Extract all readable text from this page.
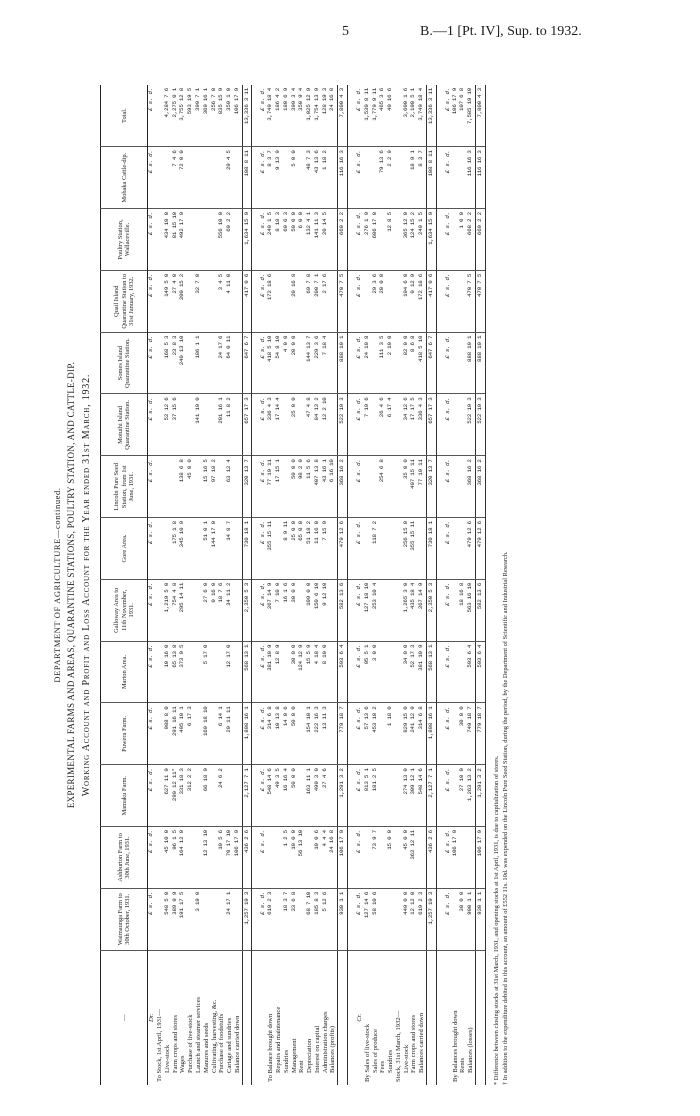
5	B.—1 [Pt. IV], Sup. to 1932.
DEPARTMENT OF AGRICULTURE—continued. EXPERIMENTAL FARMS AND AREAS, QUARANTINE STATIONS, POULTRY STATION, AND CATTLE-DIP. Working Account and Profit and Loss Account for the Year ended 31st March, 1932.
—	Waimaunga Farm to 30th October, 1931.	Ashburton Farm to 30th June, 1931.	Mamaku Farm.	Puwera Farm.	Marton Area.	Galloway Area to 11th November, 1931.	Gore Area.	Lincoln Pure Seed Station, from 1st June, 1931.	Motuihi Island Quarantine Station.	Somes Island Quarantine Station.	Quail Island Quarantine Station to 31st January, 1932.	Poultry Station, Wallaceville.	Mohaka Cattle-dip.	Total.
Dr.	£ s. d.	£ s. d.	£ s. d.	£ s. d.	£ s. d.	£ s. d.	£ s. d.	£ s. d.	£ s. d.	£ s. d.	£ s. d.	£ s. d.	£ s. d.	£ s. d.
To Stock, 1st April, 1931—														
Live-stock	548 5 0	45 10 0	627 11 9	988 8 0	10 16 0	1,219 5 0			52 12 6	168 5 3	149 5 0	434 10 0		4,284 7 6
Farm crops and stores	389 9 9	96 1 5	299 12 11*	291 16 11	65 13 8	754 4 8	175 1 8		37 15 6	23 8 3	27 4 0	81 15 10	7 4 6	2,275 0 1
Wages	191 17 5	164 12 0	331 18 3	495 10 1	373 9 5	295 14 11	345 10 9	138 6 8		240 13 10	200 15 2	492 17 9	72 0 0	3,755 12 8
Purchase of live-stock			312 2 2	6 17 3				45 0 0						593 19 5
Launch and steamer services	3 19 0								141 19 0	186 1 1	32 7 0			399 7 1
Manures and seeds		12 13 10	66 18 9	169 18 10	5 17 0	27 6 0	51 0 1	15 16 5						369 16 1
Cultivating, harvesting, &c.						0 16 0	144 17 0	97 18 2						256 7 0
Purchase of foodstuffs		10 5 6	24 6 2	6 14 1		18 7 6			201 16 1	24 17 6	3 4 5	556 10 0		835 15 9
Cartage and sundries	24 17 1	70 17 10		29 11 11	12 17 0	34 11 2	14 8 7	63 12 4	11 8 2	64 0 11	4 11 0	69 2 2	29 4 5	359 1 0
Balance carried down		106 17 9												106 17 9
	1,257 19 3	436 2 6	2,127 7 1	1,898 16 1	568 13 1	2,350 5 3	730 18 1	320 13 7	657 17 3	647 6 7	417 0 6	1,634 15 9	108 8 11	13,336 3 11

	£ s. d.	£ s. d.	£ s. d.	£ s. d.	£ s. d.	£ s. d.	£ s. d.	£ s. d.	£ s. d.	£ s. d.	£ s. d.	£ s. d.	£ s. d.	£ s. d.
To Balance brought down	619 2 3		548 14 6	314 6 8	381 10 9	267 14 9	355 15 11	77 19 11	336 4 3	418 5 10	172 18 6	249 1 5	8 3 7	3,749 18 4
Repairs and maintenance			49 3 5	10 13 8	12 8 9	7 10 0		17 15 1	17 14 4	54 8 10		8 18 3	9 13 9	186 4 2
Sundries	18 3 7	1 2 5	16 16 4	14 0 6		16 1 6	8 9 11			4 0 0		69 6 3		180 6 9
Management	33 6 8	10 0 0	50 0 0	50 0 0	30 0 0	30 0 0	25 0 0	50 0 0	25 0 0	20 0 0	20 16 8	50 0 0	5 0 0	399 3 4
Rent		56 13 10			124 12 9		65 0 0	98 2 9				6 0 0		350 9 4
Depreciation	68 7 10		163 11 1	154 10 1	15 5 9	109 0 0	51 18 2	11 5 6	47 4 8	144 13 7	69 7 8	132 4 1	48 7 3	1,025 12 9
Interest on capital	185 8 3	10 0 6	499 3 0	222 16 3	4 18 4	150 6 10	11 16 0	407 13 8	84 13 2	229 3 6	200 7 1	141 11 3	43 13 6	1,754 13 9
Administration charges	5 12 6	4 4 4	27 4 6	13 11 3	8 10 0	9 12 10	7 15 9	43 16 1	12 2 10	7 18 4	2 17 6	20 14 5	1 18 2	128 19 3
Balances (profits)		24 16 8						6 16 10						24 16 8
	930 1 1	106 17 9	1,291 3 2	779 18 7	593 6 4	582 13 6	479 12 6	368 16 2	522 19 3	888 10 1	470 7 5	669 2 2	116 16 3	7,800 4 3

Cr.	£ s. d.	£ s. d.	£ s. d.	£ s. d.	£ s. d.	£ s. d.	£ s. d.	£ s. d.	£ s. d.	£ s. d.	£ s. d.	£ s. d.	£ s. d.	£ s. d.
By Sales of live-stock	127 14 6		813 5 1	57 13 6	95 5 1	127 18 10			7 19 6	24 10 8		276 1 9		1,530 8 11
Sales of produce	58 10 6	73 9 7	181 2 5	453 10 2	3 0 0	253 10 4	118 7 2				29 3 6	606 17 0		1,779 9 11
Fees								254 6 8	26 4 6	111 3 5	20 0 0		79 13 6	465 3 6
Sundries		15 0 0		1 18 0					6 17 4	2 10 0		12 8 5	2 2 9	40 16 6
Stock, 31st March, 1932—														
Live-stock	449 0 0	45 0 0	274 13 0	829 15 0	34 0 0	1,265 3 0	256 15 0	35 0 0	34 12 6	82 0 0	194 6 0	365 12 0		3,600 1 6
Farm crops and stores	12 12 0	362 12 11	309 12 1	241 12 9	52 17 3	435 18 4	355 15 11	407 15 11	17 17 5	8 6 8	0 12 9	124 15 2	18 9 1	2,190 5 1
Balances carried down	619 2 3		548 14 6	314 6 8	381 10 9	267 14 9		77 19 11	336 4 3	418 5 10	172 18 6	249 1 5	8 3 7	3,749 18 4
	1,257 19 3	436 2 6	2,127 7 1	1,898 16 1	568 13 1	2,350 5 3	730 18 1	320 13 7	657 17 3	647 6 7	417 0 6	1,634 15 9	108 8 11	13,336 3 11

	£ s. d.	£ s. d.	£ s. d.	£ s. d.	£ s. d.	£ s. d.	£ s. d.	£ s. d.	£ s. d.	£ s. d.	£ s. d.	£ s. d.	£ s. d.	£ s. d.
By Balances brought down		106 17 9												106 17 9
Rents	30 0 0		27 10 0	30 0 0		18 16 8						1 0 0		107 6 8
Balances (losses)	900 1 1		1,263 13 2	749 18 7	593 6 4	563 16 10	479 12 6	368 16 2	522 19 3	888 10 1	470 7 5	668 2 2	116 16 3	7,585 19 10
	930 1 1	106 17 9	1,291 3 2	779 18 7	593 6 4	582 13 6	479 12 6	368 16 2	522 19 3	888 10 1	470 7 5	669 2 2	116 16 3	7,800 4 3
* Difference between closing stocks at 31st March, 1931, and opening stocks at 1st April, 1931, is due to capitalization of stores. † In addition to the expenditure debited in this account, an amount of £552 11s. 10d. was expended on the Lincoln Pure Seed Station, during the period, by the Department of Scientific and Industrial Research.
